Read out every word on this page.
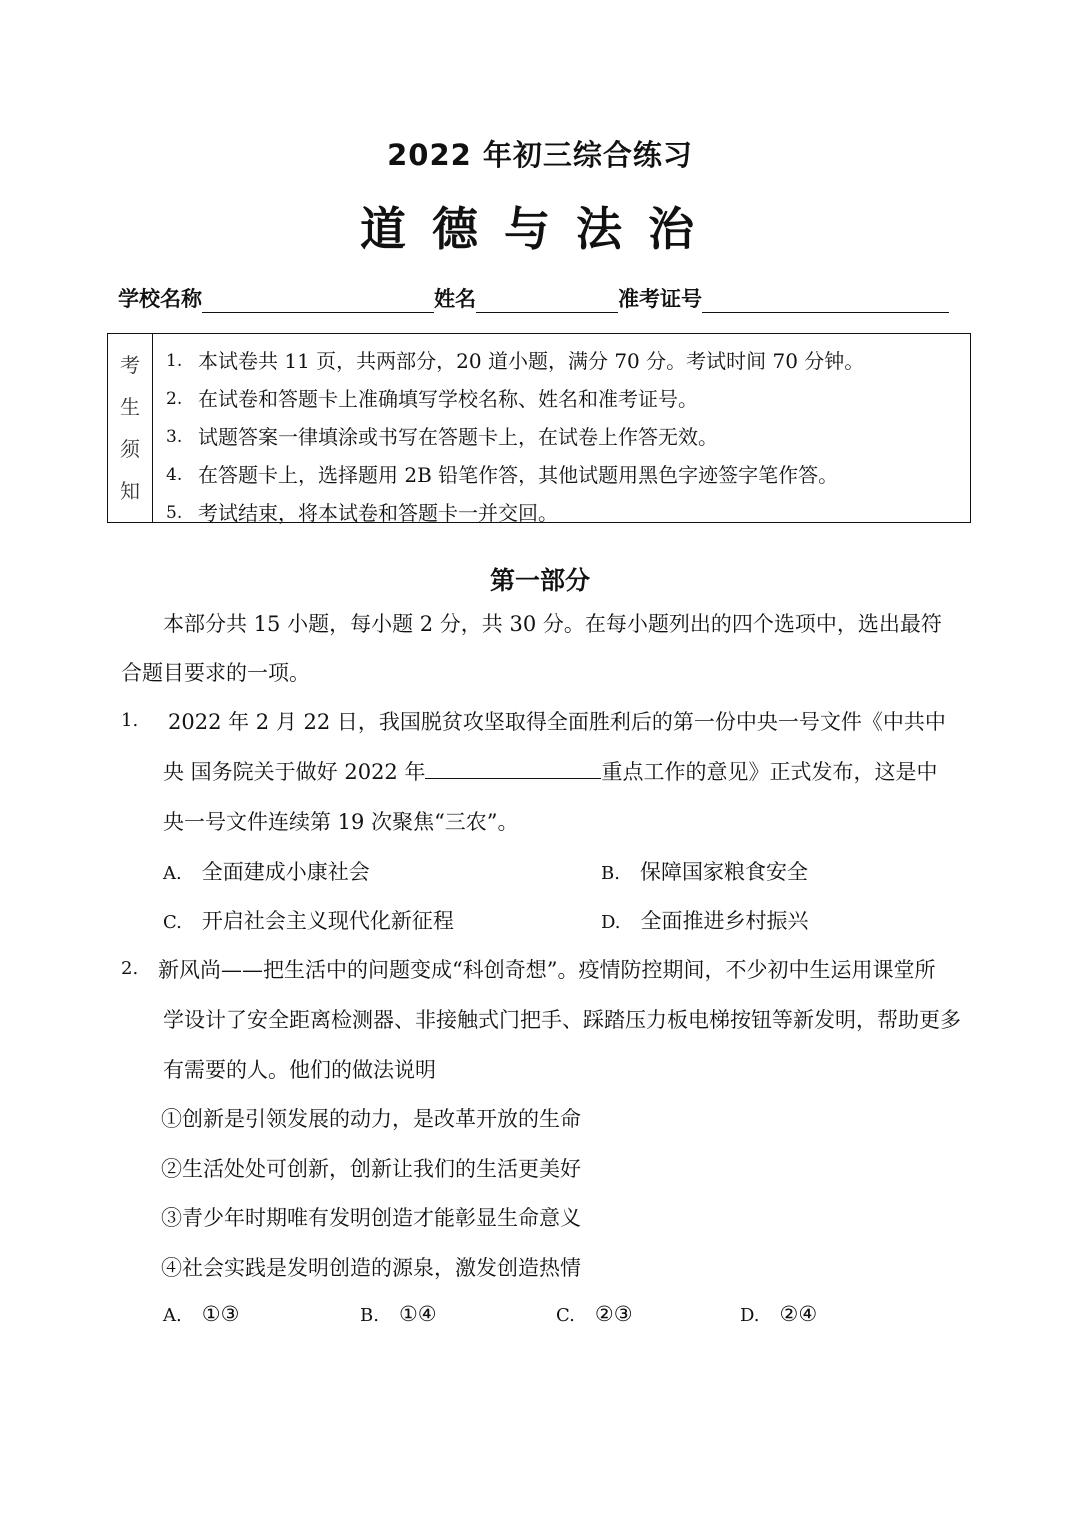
2022 年初三综合练习
道德与法治
学校名称	姓名	准考证号
考
生
须
知
1. 本试卷共 11 页，共两部分，20 道小题，满分 70 分。考试时间 70 分钟。
2. 在试卷和答题卡上准确填写学校名称、姓名和准考证号。
3. 试题答案一律填涂或书写在答题卡上，在试卷上作答无效。
4. 在答题卡上，选择题用 2B 铅笔作答，其他试题用黑色字迹签字笔作答。
5. 考试结束，将本试卷和答题卡一并交回。
第一部分
本部分共 15 小题，每小题 2 分，共 30 分。在每小题列出的四个选项中，选出最符
合题目要求的一项。
1. 2022 年 2 月 22 日，我国脱贫攻坚取得全面胜利后的第一份中央一号文件《中共中
央 国务院关于做好 2022 年	重点工作的意见》正式发布，这是中
央一号文件连续第 19 次聚焦“三农”。
A. 全面建成小康社会	B. 保障国家粮食安全
C. 开启社会主义现代化新征程	D. 全面推进乡村振兴
2. 新风尚——把生活中的问题变成“科创奇想”。疫情防控期间，不少初中生运用课堂所
学设计了安全距离检测器、非接触式门把手、踩踏压力板电梯按钮等新发明，帮助更多
有需要的人。他们的做法说明
①创新是引领发展的动力，是改革开放的生命
②生活处处可创新，创新让我们的生活更美好
③青少年时期唯有发明创造才能彰显生命意义
④社会实践是发明创造的源泉，激发创造热情
A. ①③	B. ①④	C. ②③	D. ②④
